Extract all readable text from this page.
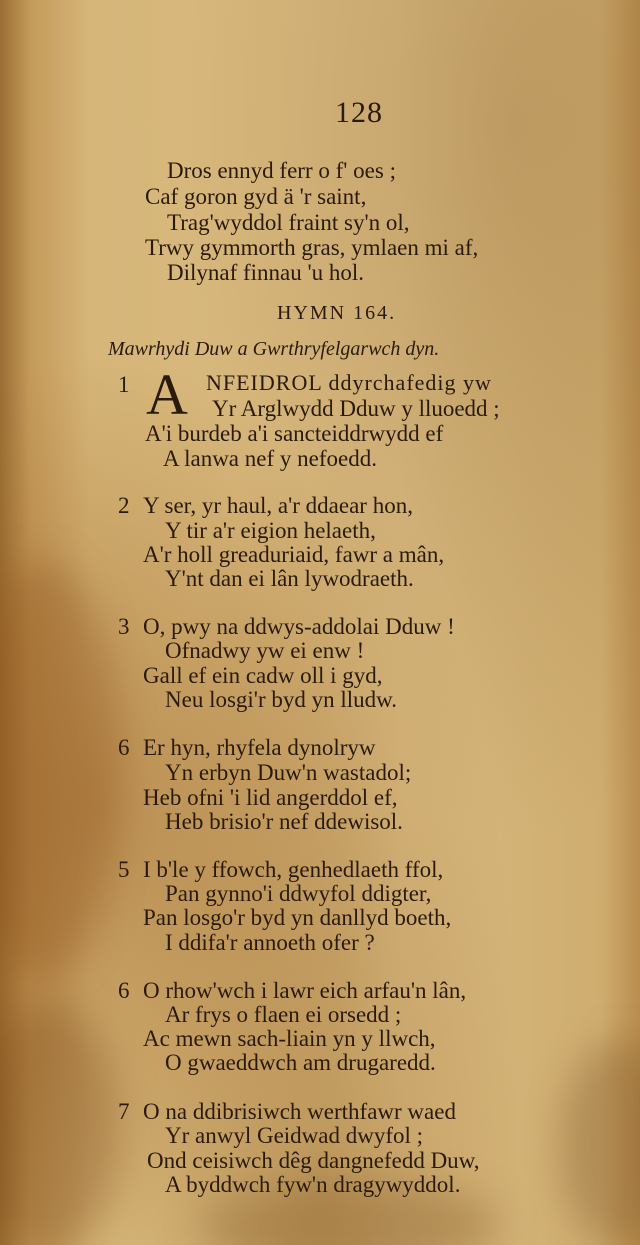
128
Dros ennyd ferr o f' oes ;
Caf goron gyd ä 'r saint,
Trag'wyddol fraint sy'n ol,
Trwy gymmorth gras, ymlaen mi af,
Dilynaf finnau 'u hol.
HYMN 164.
Mawrhydi Duw a Gwrthryfelgarwch dyn.
1 A NFEIDROL ddyrchafedig yw
Yr Arglwydd Dduw y lluoedd ;
A'i burdeb a'i sancteiddrwydd ef
A lanwa nef y nefoedd.
2 Y ser, yr haul, a'r ddaear hon,
Y tir a'r eigion helaeth,
A'r holl greaduriaid, fawr a mân,
Y'nt dan ei lân lywodraeth.
3 O, pwy na ddwys-addolai Dduw !
Ofnadwy yw ei enw !
Gall ef ein cadw oll i gyd,
Neu losgi'r byd yn lludw.
6 Er hyn, rhyfela dynolryw
Yn erbyn Duw'n wastadol;
Heb ofni 'i lid angerddol ef,
Heb brisio'r nef ddewisol.
5 I b'le y ffowch, genhedlaeth ffol,
Pan gynno'i ddwyfol ddigter,
Pan losgo'r byd yn danllyd boeth,
I ddifa'r annoeth ofer ?
6 O rhow'wch i lawr eich arfau'n lân,
Ar frys o flaen ei orsedd ;
Ac mewn sach-liain yn y llwch,
O gwaeddwch am drugaredd.
7 O na ddibrisiwch werthfawr waed
Yr anwyl Geidwad dwyfol ;
Ond ceisiwch dêg dangnefedd Duw,
A byddwch fyw'n dragywyddol.
